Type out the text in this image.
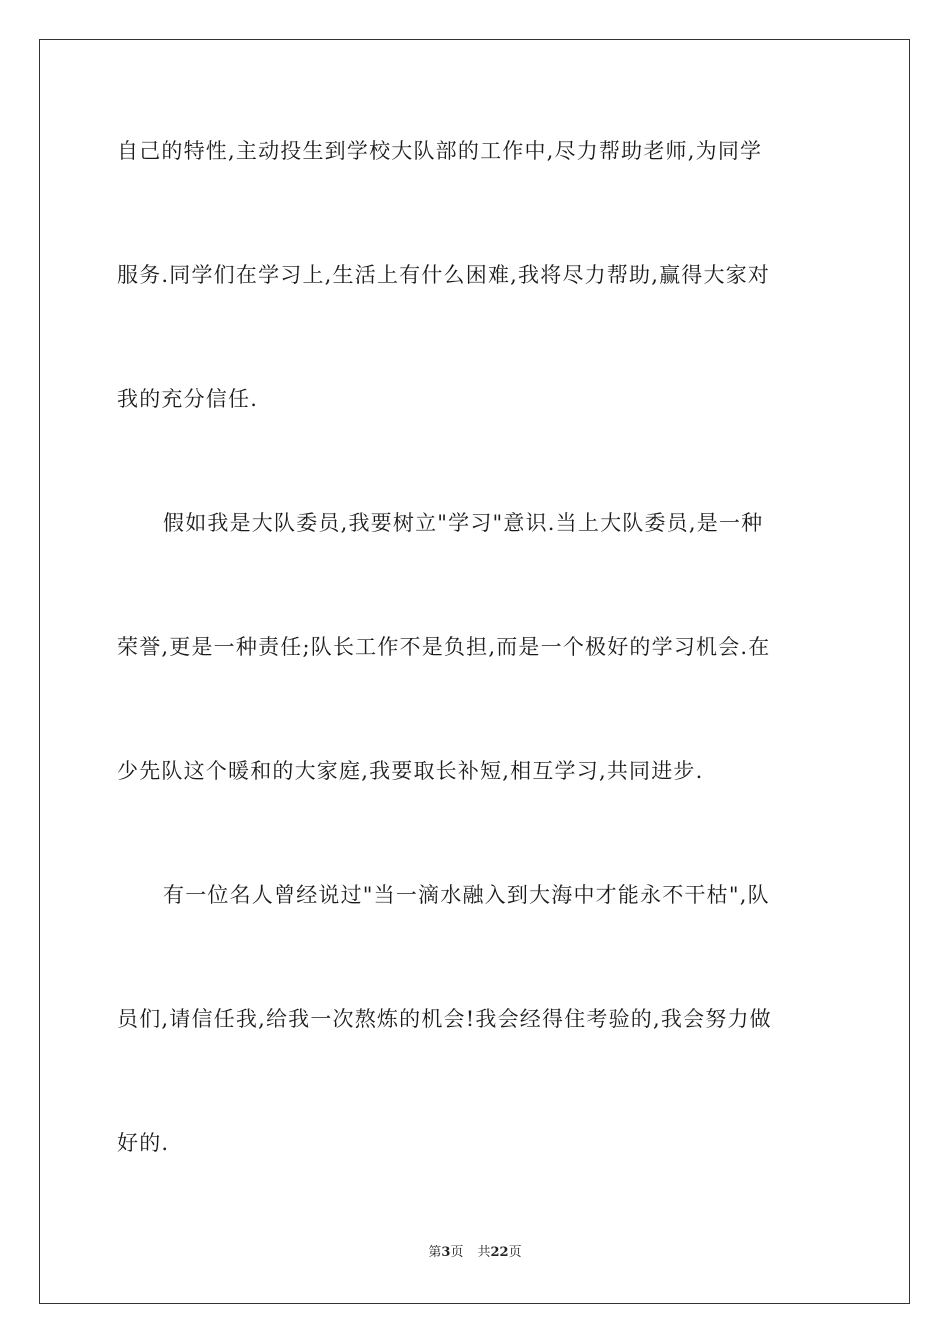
自己的特性,主动投生到学校大队部的工作中,尽力帮助老师,为同学
服务.同学们在学习上,生活上有什么困难,我将尽力帮助,赢得大家对
我的充分信任.
假如我是大队委员,我要树立"学习"意识.当上大队委员,是一种
荣誉,更是一种责任;队长工作不是负担,而是一个极好的学习机会.在
少先队这个暖和的大家庭,我要取长补短,相互学习,共同进步.
有一位名人曾经说过"当一滴水融入到大海中才能永不干枯",队
员们,请信任我,给我一次熬炼的机会!我会经得住考验的,我会努力做
好的.
第3页 共22页
